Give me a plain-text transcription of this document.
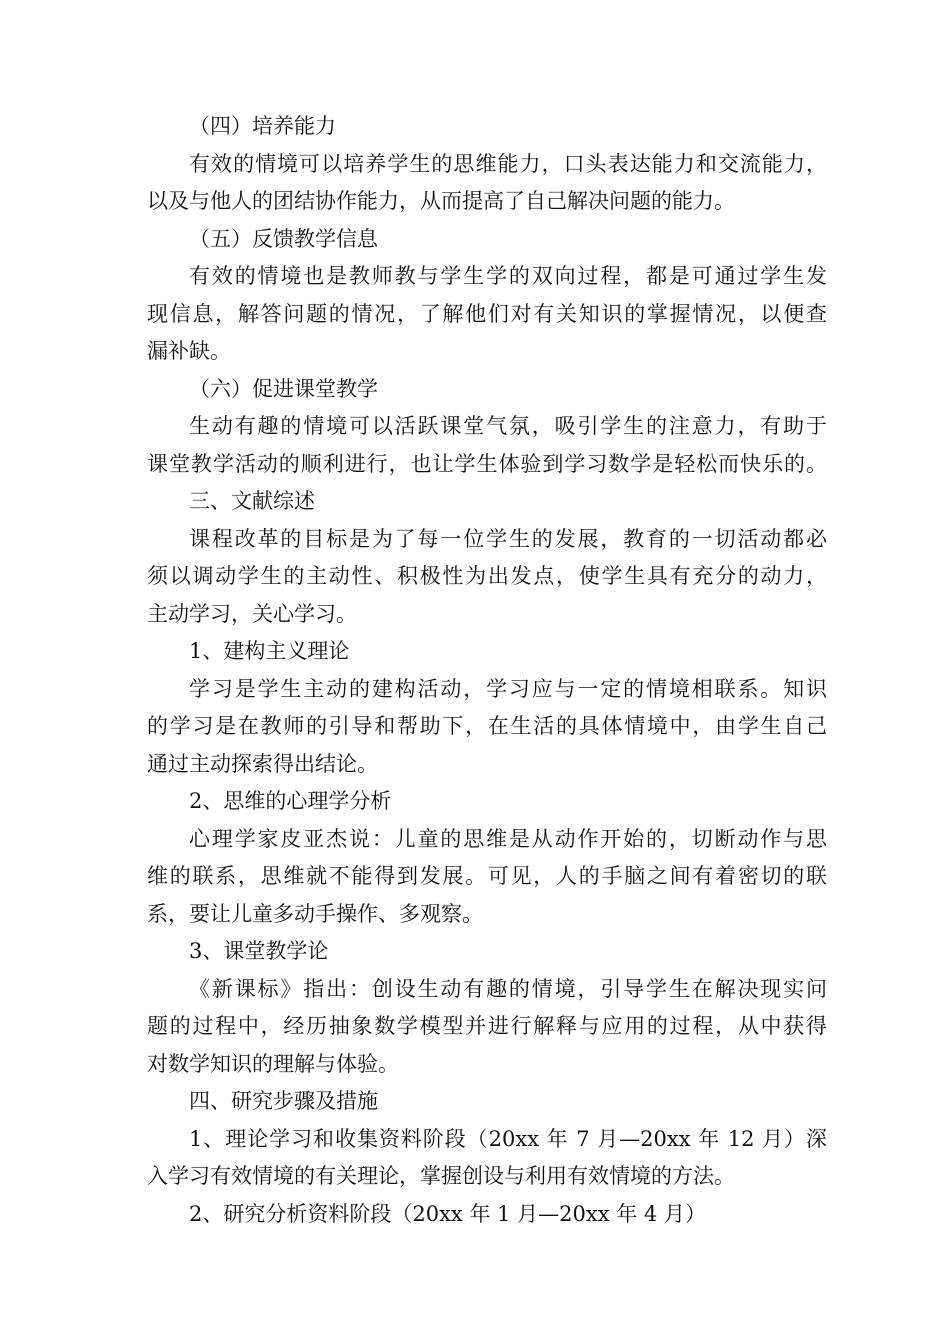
（四）培养能力
有效的情境可以培养学生的思维能力，口头表达能力和交流能力，
以及与他人的团结协作能力，从而提高了自己解决问题的能力。
（五）反馈教学信息
有效的情境也是教师教与学生学的双向过程，都是可通过学生发
现信息，解答问题的情况，了解他们对有关知识的掌握情况，以便查
漏补缺。
（六）促进课堂教学
生动有趣的情境可以活跃课堂气氛，吸引学生的注意力，有助于
课堂教学活动的顺利进行，也让学生体验到学习数学是轻松而快乐的。
三、文献综述
课程改革的目标是为了每一位学生的发展，教育的一切活动都必
须以调动学生的主动性、积极性为出发点，使学生具有充分的动力，
主动学习，关心学习。
1、建构主义理论
学习是学生主动的建构活动，学习应与一定的情境相联系。知识
的学习是在教师的引导和帮助下，在生活的具体情境中，由学生自己
通过主动探索得出结论。
2、思维的心理学分析
心理学家皮亚杰说：儿童的思维是从动作开始的，切断动作与思
维的联系，思维就不能得到发展。可见，人的手脑之间有着密切的联
系，要让儿童多动手操作、多观察。
3、课堂教学论
《新课标》指出：创设生动有趣的情境，引导学生在解决现实问
题的过程中，经历抽象数学模型并进行解释与应用的过程，从中获得
对数学知识的理解与体验。
四、研究步骤及措施
1、理论学习和收集资料阶段（20xx 年 7 月—20xx 年 12 月）深
入学习有效情境的有关理论，掌握创设与利用有效情境的方法。
2、研究分析资料阶段（20xx 年 1 月—20xx 年 4 月）
